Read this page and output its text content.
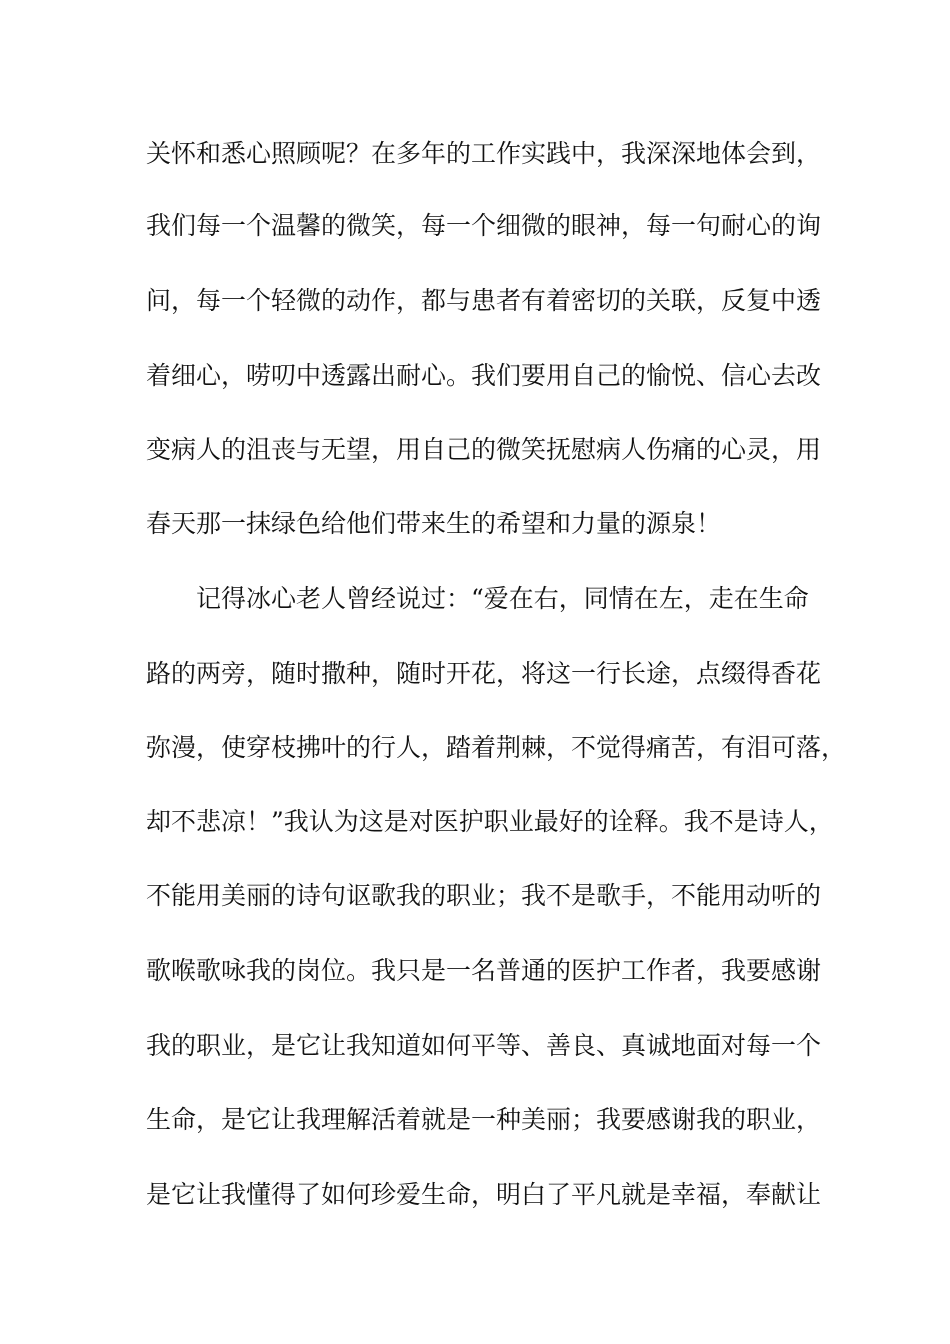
关怀和悉心照顾呢？在多年的工作实践中，我深深地体会到，
我们每一个温馨的微笑，每一个细微的眼神，每一句耐心的询
问，每一个轻微的动作，都与患者有着密切的关联，反复中透
着细心，唠叨中透露出耐心。我们要用自己的愉悦、信心去改
变病人的沮丧与无望，用自己的微笑抚慰病人伤痛的心灵，用
春天那一抹绿色给他们带来生的希望和力量的源泉！
记得冰心老人曾经说过：“爱在右，同情在左，走在生命
路的两旁，随时撒种，随时开花，将这一行长途，点缀得香花
弥漫，使穿枝拂叶的行人，踏着荆棘，不觉得痛苦，有泪可落，
却不悲凉！”我认为这是对医护职业最好的诠释。我不是诗人，
不能用美丽的诗句讴歌我的职业；我不是歌手，不能用动听的
歌喉歌咏我的岗位。我只是一名普通的医护工作者，我要感谢
我的职业，是它让我知道如何平等、善良、真诚地面对每一个
生命，是它让我理解活着就是一种美丽；我要感谢我的职业，
是它让我懂得了如何珍爱生命，明白了平凡就是幸福，奉献让
